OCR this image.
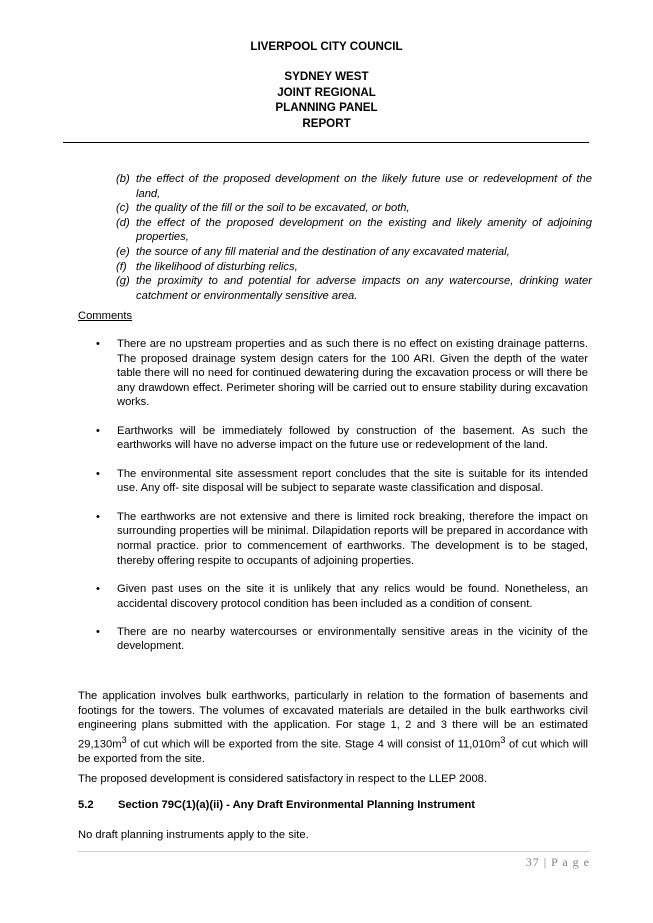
LIVERPOOL CITY COUNCIL
SYDNEY WEST
JOINT REGIONAL
PLANNING PANEL
REPORT
(b) the effect of the proposed development on the likely future use or redevelopment of the land,
(c) the quality of the fill or the soil to be excavated, or both,
(d) the effect of the proposed development on the existing and likely amenity of adjoining properties,
(e) the source of any fill material and the destination of any excavated material,
(f) the likelihood of disturbing relics,
(g) the proximity to and potential for adverse impacts on any watercourse, drinking water catchment or environmentally sensitive area.
Comments
•	There are no upstream properties and as such there is no effect on existing drainage patterns. The proposed drainage system design caters for the 100 ARI. Given the depth of the water table there will no need for continued dewatering during the excavation process or will there be any drawdown effect. Perimeter shoring will be carried out to ensure stability during excavation works.
•	Earthworks will be immediately followed by construction of the basement. As such the earthworks will have no adverse impact on the future use or redevelopment of the land.
•	The environmental site assessment report concludes that the site is suitable for its intended use. Any off- site disposal will be subject to separate waste classification and disposal.
•	The earthworks are not extensive and there is limited rock breaking, therefore the impact on surrounding properties will be minimal. Dilapidation reports will be prepared in accordance with normal practice. prior to commencement of earthworks. The development is to be staged, thereby offering respite to occupants of adjoining properties.
•	Given past uses on the site it is unlikely that any relics would be found. Nonetheless, an accidental discovery protocol condition has been included as a condition of consent.
•	There are no nearby watercourses or environmentally sensitive areas in the vicinity of the development.
The application involves bulk earthworks, particularly in relation to the formation of basements and footings for the towers. The volumes of excavated materials are detailed in the bulk earthworks civil engineering plans submitted with the application. For stage 1, 2 and 3 there will be an estimated $29,130m^3$ of cut which will be exported from the site. Stage 4 will consist of $11,010m^3$ of cut which will be exported from the site.
The proposed development is considered satisfactory in respect to the LLEP 2008.
5.2 Section 79C(1)(a)(ii) - Any Draft Environmental Planning Instrument
No draft planning instruments apply to the site.
37 | P a g e
